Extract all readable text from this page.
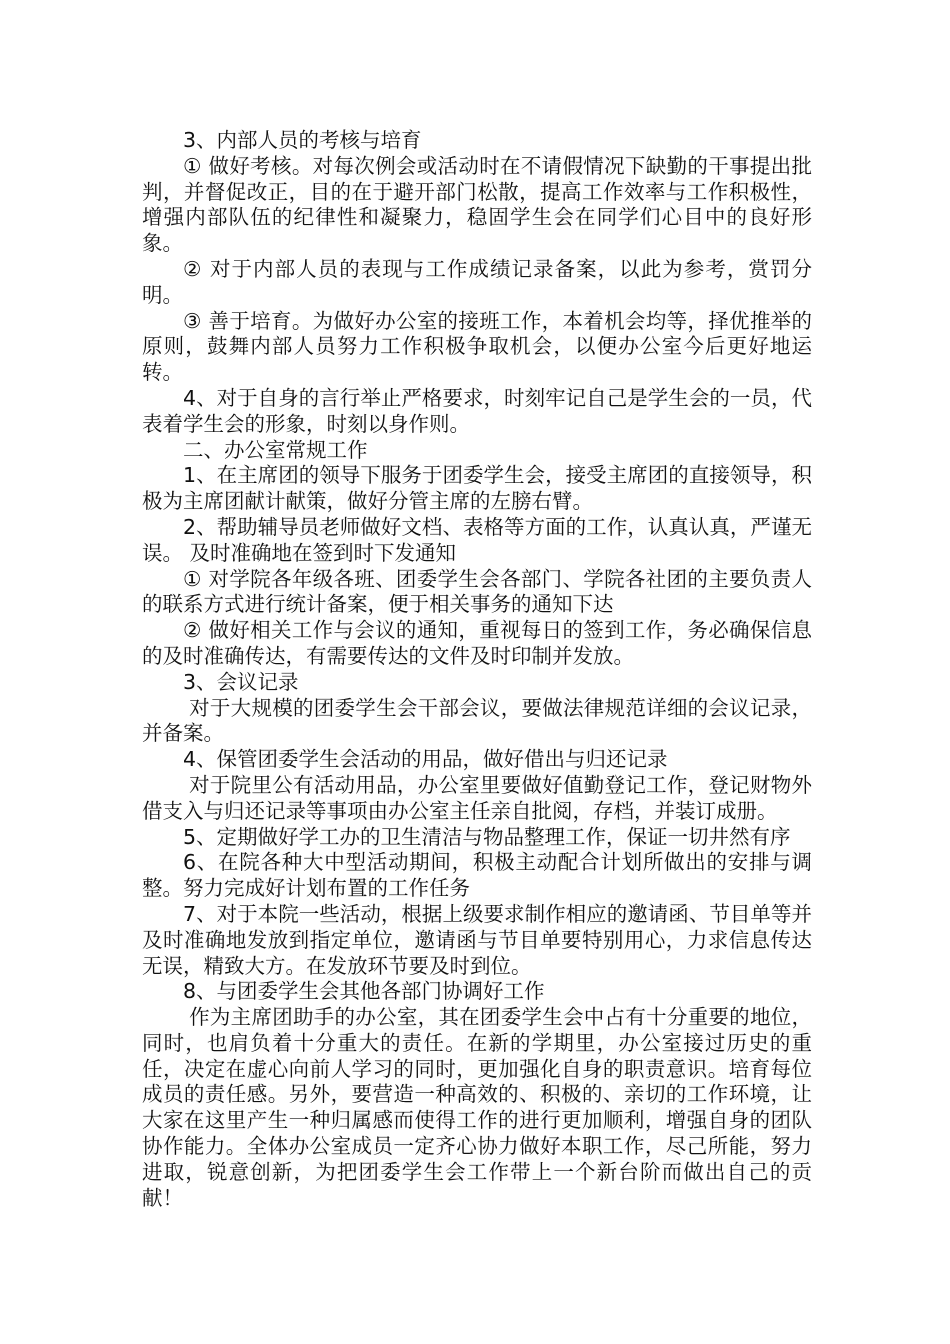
3、内部人员的考核与培育

① 做好考核。对每次例会或活动时在不请假情况下缺勤的干事提出批判，并督促改正，目的在于避开部门松散，提高工作效率与工作积极性，增强内部队伍的纪律性和凝聚力，稳固学生会在同学们心目中的良好形象。

② 对于内部人员的表现与工作成绩记录备案，以此为参考，赏罚分明。

③ 善于培育。为做好办公室的接班工作，本着机会均等，择优推举的原则，鼓舞内部人员努力工作积极争取机会，以便办公室今后更好地运转。

4、对于自身的言行举止严格要求，时刻牢记自己是学生会的一员，代表着学生会的形象，时刻以身作则。

二、办公室常规工作

1、在主席团的领导下服务于团委学生会，接受主席团的直接领导，积极为主席团献计献策，做好分管主席的左膀右臂。

2、帮助辅导员老师做好文档、表格等方面的工作，认真认真，严谨无误。 及时准确地在签到时下发通知

① 对学院各年级各班、团委学生会各部门、学院各社团的主要负责人的联系方式进行统计备案，便于相关事务的通知下达

② 做好相关工作与会议的通知，重视每日的签到工作，务必确保信息的及时准确传达，有需要传达的文件及时印制并发放。

3、会议记录

对于大规模的团委学生会干部会议，要做法律规范详细的会议记录，并备案。

4、保管团委学生会活动的用品，做好借出与归还记录

对于院里公有活动用品，办公室里要做好值勤登记工作，登记财物外借支入与归还记录等事项由办公室主任亲自批阅，存档，并装订成册。

5、定期做好学工办的卫生清洁与物品整理工作，保证一切井然有序

6、在院各种大中型活动期间，积极主动配合计划所做出的安排与调整。努力完成好计划布置的工作任务

7、对于本院一些活动，根据上级要求制作相应的邀请函、节目单等并及时准确地发放到指定单位，邀请函与节目单要特别用心，力求信息传达无误，精致大方。在发放环节要及时到位。

8、与团委学生会其他各部门协调好工作

作为主席团助手的办公室，其在团委学生会中占有十分重要的地位，同时，也肩负着十分重大的责任。在新的学期里，办公室接过历史的重任，决定在虚心向前人学习的同时，更加强化自身的职责意识。培育每位成员的责任感。另外，要营造一种高效的、积极的、亲切的工作环境，让大家在这里产生一种归属感而使得工作的进行更加顺利，增强自身的团队协作能力。全体办公室成员一定齐心协力做好本职工作，尽己所能，努力进取，锐意创新，为把团委学生会工作带上一个新台阶而做出自己的贡献！
